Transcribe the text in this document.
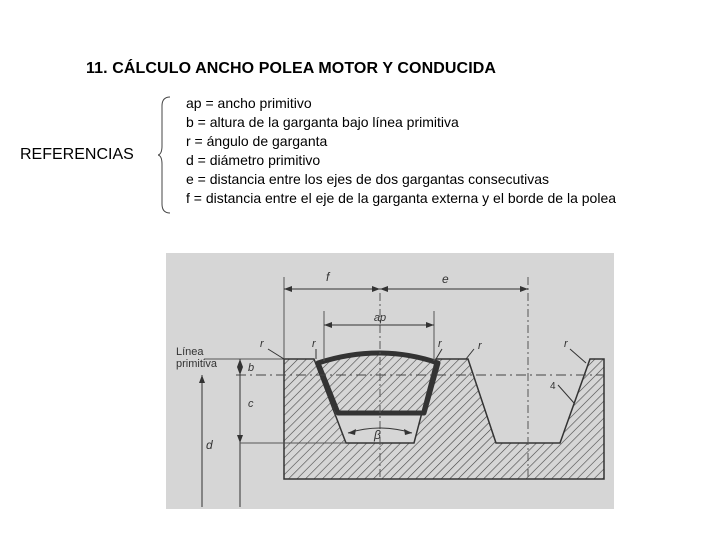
11. CÁLCULO ANCHO POLEA MOTOR Y CONDUCIDA
REFERENCIAS
ap = ancho primitivo
b = altura de la garganta bajo línea primitiva
r = ángulo de garganta
d = diámetro primitivo
e = distancia entre los ejes de dos gargantas consecutivas
f = distancia entre el eje de la garganta externa y el borde de la polea
f	e
ap
Línea
primitiva	b
c
d
r	r	r	r	r
β
4
